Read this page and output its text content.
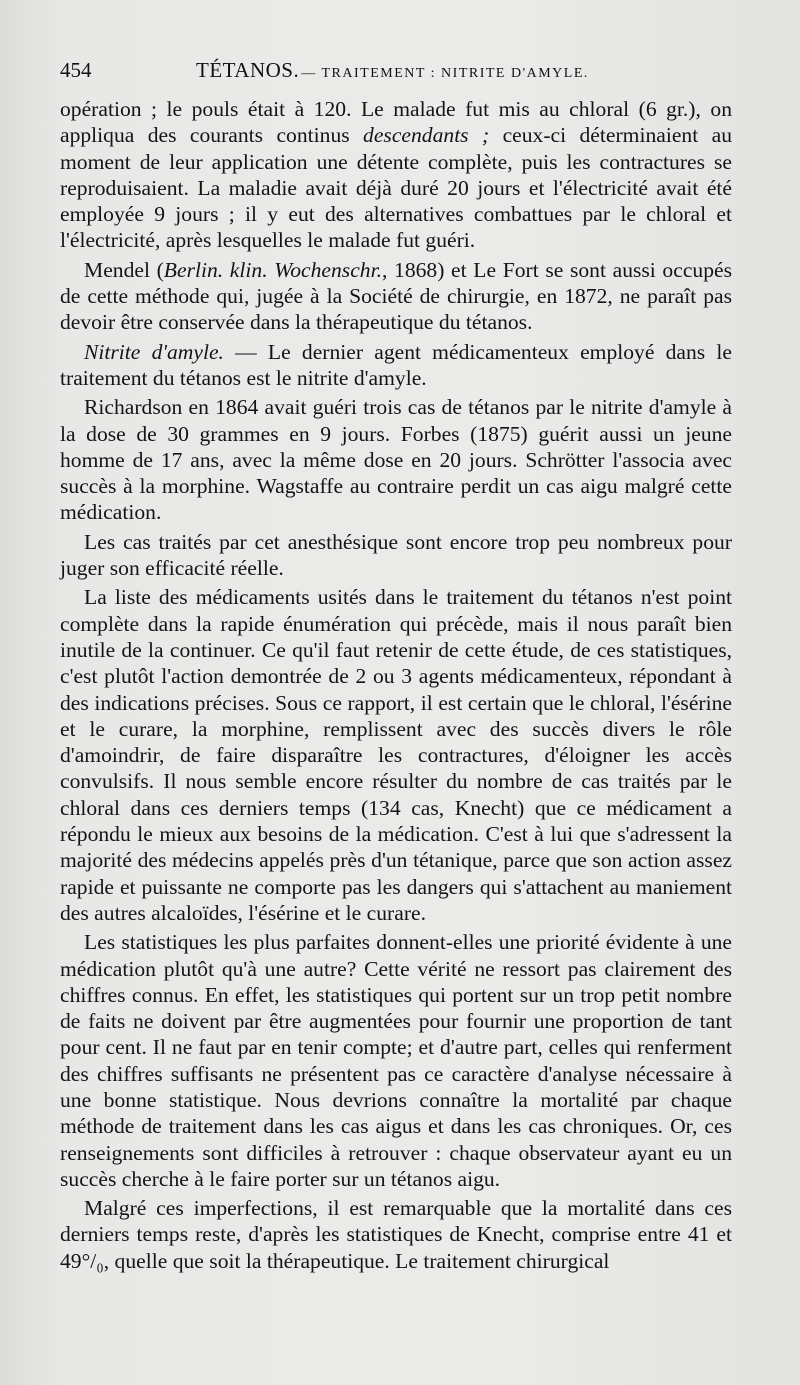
454	TÉTANOS. — TRAITEMENT : NITRITE D'AMYLE.

opération ; le pouls était à 120. Le malade fut mis au chloral (6 gr.), on appliqua des courants continus descendants ; ceux-ci déterminaient au moment de leur application une détente complète, puis les contractures se reproduisaient. La maladie avait déjà duré 20 jours et l'électricité avait été employée 9 jours ; il y eut des alternatives combattues par le chloral et l'électricité, après lesquelles le malade fut guéri.

Mendel (Berlin. klin. Wochenschr., 1868) et Le Fort se sont aussi occupés de cette méthode qui, jugée à la Société de chirurgie, en 1872, ne paraît pas devoir être conservée dans la thérapeutique du tétanos.

Nitrite d'amyle. — Le dernier agent médicamenteux employé dans le traitement du tétanos est le nitrite d'amyle.

Richardson en 1864 avait guéri trois cas de tétanos par le nitrite d'amyle à la dose de 30 grammes en 9 jours. Forbes (1875) guérit aussi un jeune homme de 17 ans, avec la même dose en 20 jours. Schrötter l'associa avec succès à la morphine. Wagstaffe au contraire perdit un cas aigu malgré cette médication.

Les cas traités par cet anesthésique sont encore trop peu nombreux pour juger son efficacité réelle.

La liste des médicaments usités dans le traitement du tétanos n'est point complète dans la rapide énumération qui précède, mais il nous paraît bien inutile de la continuer. Ce qu'il faut retenir de cette étude, de ces statistiques, c'est plutôt l'action demontrée de 2 ou 3 agents médicamenteux, répondant à des indications précises. Sous ce rapport, il est certain que le chloral, l'ésérine et le curare, la morphine, remplissent avec des succès divers le rôle d'amoindrir, de faire disparaître les contractures, d'éloigner les accès convulsifs. Il nous semble encore résulter du nombre de cas traités par le chloral dans ces derniers temps (134 cas, Knecht) que ce médicament a répondu le mieux aux besoins de la médication. C'est à lui que s'adressent la majorité des médecins appelés près d'un tétanique, parce que son action assez rapide et puissante ne comporte pas les dangers qui s'attachent au maniement des autres alcaloïdes, l'ésérine et le curare.

Les statistiques les plus parfaites donnent-elles une priorité évidente à une médication plutôt qu'à une autre? Cette vérité ne ressort pas clairement des chiffres connus. En effet, les statistiques qui portent sur un trop petit nombre de faits ne doivent par être augmentées pour fournir une proportion de tant pour cent. Il ne faut par en tenir compte; et d'autre part, celles qui renferment des chiffres suffisants ne présentent pas ce caractère d'analyse nécessaire à une bonne statistique. Nous devrions connaître la mortalité par chaque méthode de traitement dans les cas aigus et dans les cas chroniques. Or, ces renseignements sont difficiles à retrouver : chaque observateur ayant eu un succès cherche à le faire porter sur un tétanos aigu.

Malgré ces imperfections, il est remarquable que la mortalité dans ces derniers temps reste, d'après les statistiques de Knecht, comprise entre 41 et 49°/₀, quelle que soit la thérapeutique. Le traitement chirurgical
